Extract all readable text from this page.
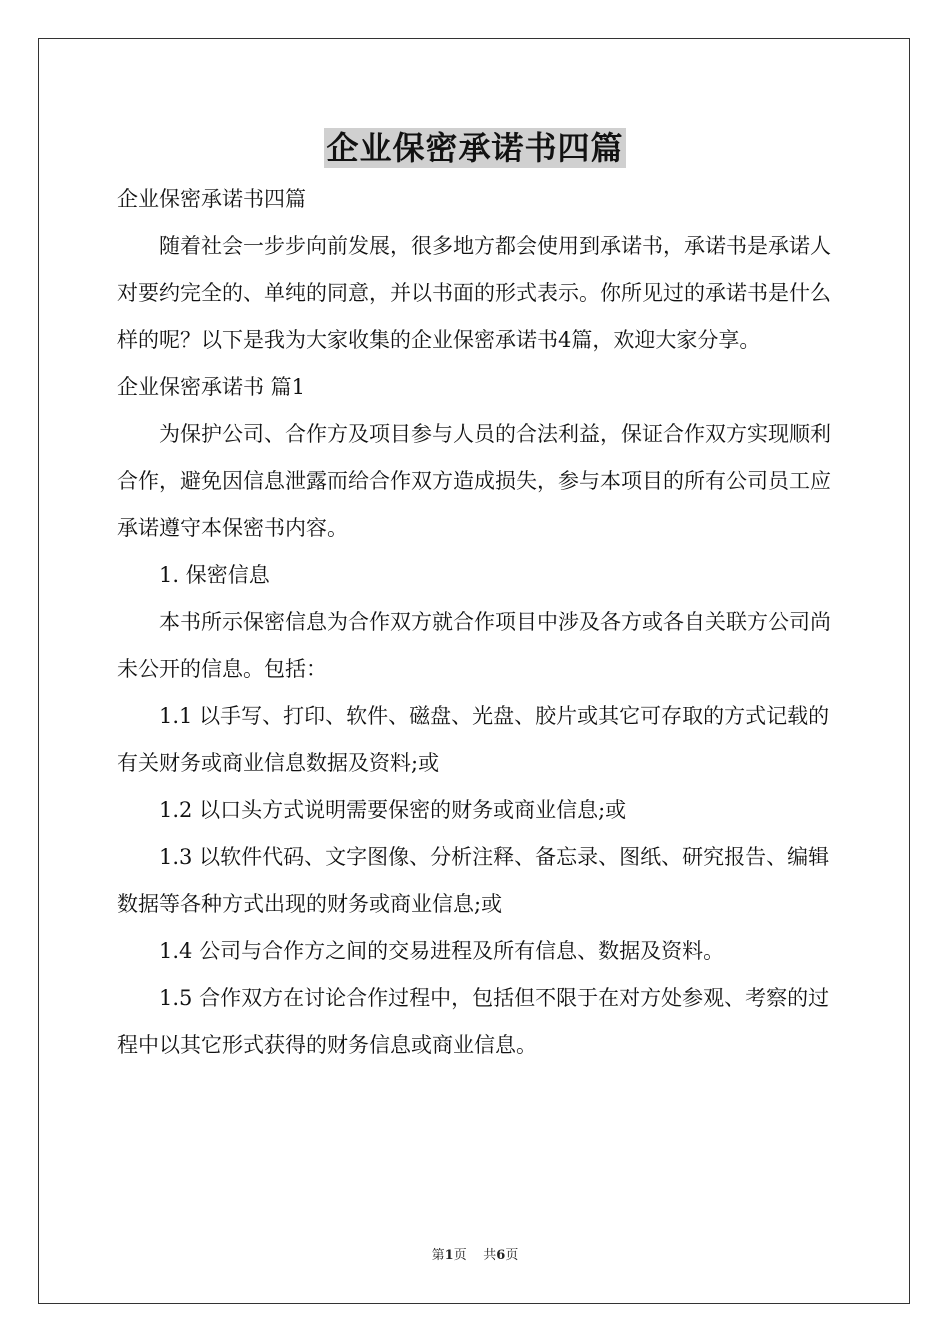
企业保密承诺书四篇

企业保密承诺书四篇

随着社会一步步向前发展，很多地方都会使用到承诺书，承诺书是承诺人对要约完全的、单纯的同意，并以书面的形式表示。你所见过的承诺书是什么样的呢？以下是我为大家收集的企业保密承诺书4篇，欢迎大家分享。

企业保密承诺书 篇1

为保护公司、合作方及项目参与人员的合法利益，保证合作双方实现顺利合作，避免因信息泄露而给合作双方造成损失，参与本项目的所有公司员工应承诺遵守本保密书内容。

1. 保密信息

本书所示保密信息为合作双方就合作项目中涉及各方或各自关联方公司尚未公开的信息。包括：

1.1 以手写、打印、软件、磁盘、光盘、胶片或其它可存取的方式记载的有关财务或商业信息数据及资料;或

1.2 以口头方式说明需要保密的财务或商业信息;或

1.3 以软件代码、文字图像、分析注释、备忘录、图纸、研究报告、编辑数据等各种方式出现的财务或商业信息;或

1.4 公司与合作方之间的交易进程及所有信息、数据及资料。

1.5 合作双方在讨论合作过程中，包括但不限于在对方处参观、考察的过程中以其它形式获得的财务信息或商业信息。

第1页 共6页
